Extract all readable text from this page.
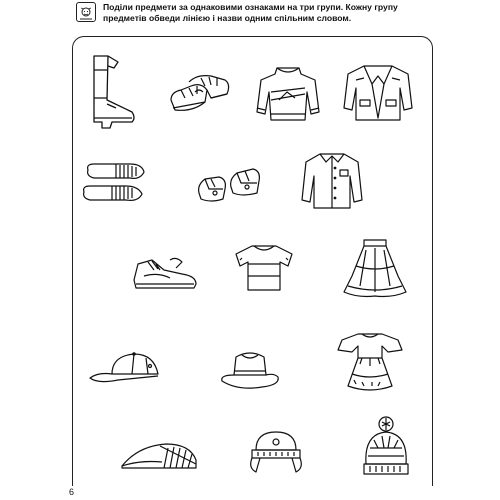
Поділи предмети за однаковими ознаками на три групи. Кожну групу предметів обведи лінією і назви одним спільним словом.
6
